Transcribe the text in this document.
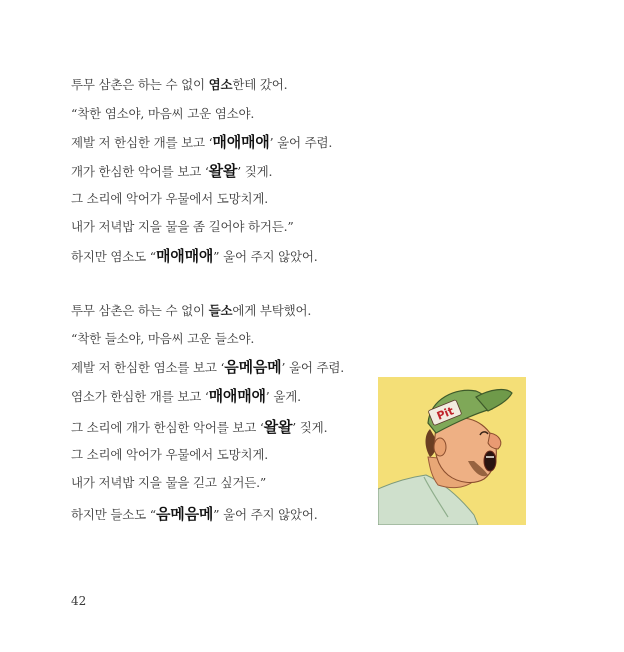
투무 삼촌은 하는 수 없이 염소한테 갔어.
“착한 염소야, 마음씨 고운 염소야.
제발 저 한심한 개를 보고 ‘매애매애’ 울어 주렴.
개가 한심한 악어를 보고 ‘왈왈’ 짖게.
그 소리에 악어가 우물에서 도망치게.
내가 저녁밥 지을 물을 좀 길어야 하거든.”
하지만 염소도 “매애매애” 울어 주지 않았어.
투무 삼촌은 하는 수 없이 들소에게 부탁했어.
“착한 들소야, 마음씨 고운 들소야.
제발 저 한심한 염소를 보고 ‘음메음메’ 울어 주렴.
염소가 한심한 개를 보고 ‘매애매애’ 울게.
그 소리에 개가 한심한 악어를 보고 ‘왈왈’ 짖게.
그 소리에 악어가 우물에서 도망치게.
내가 저녁밥 지을 물을 긷고 싶거든.”
하지만 들소도 “음메음메” 울어 주지 않았어.
Pit
42
